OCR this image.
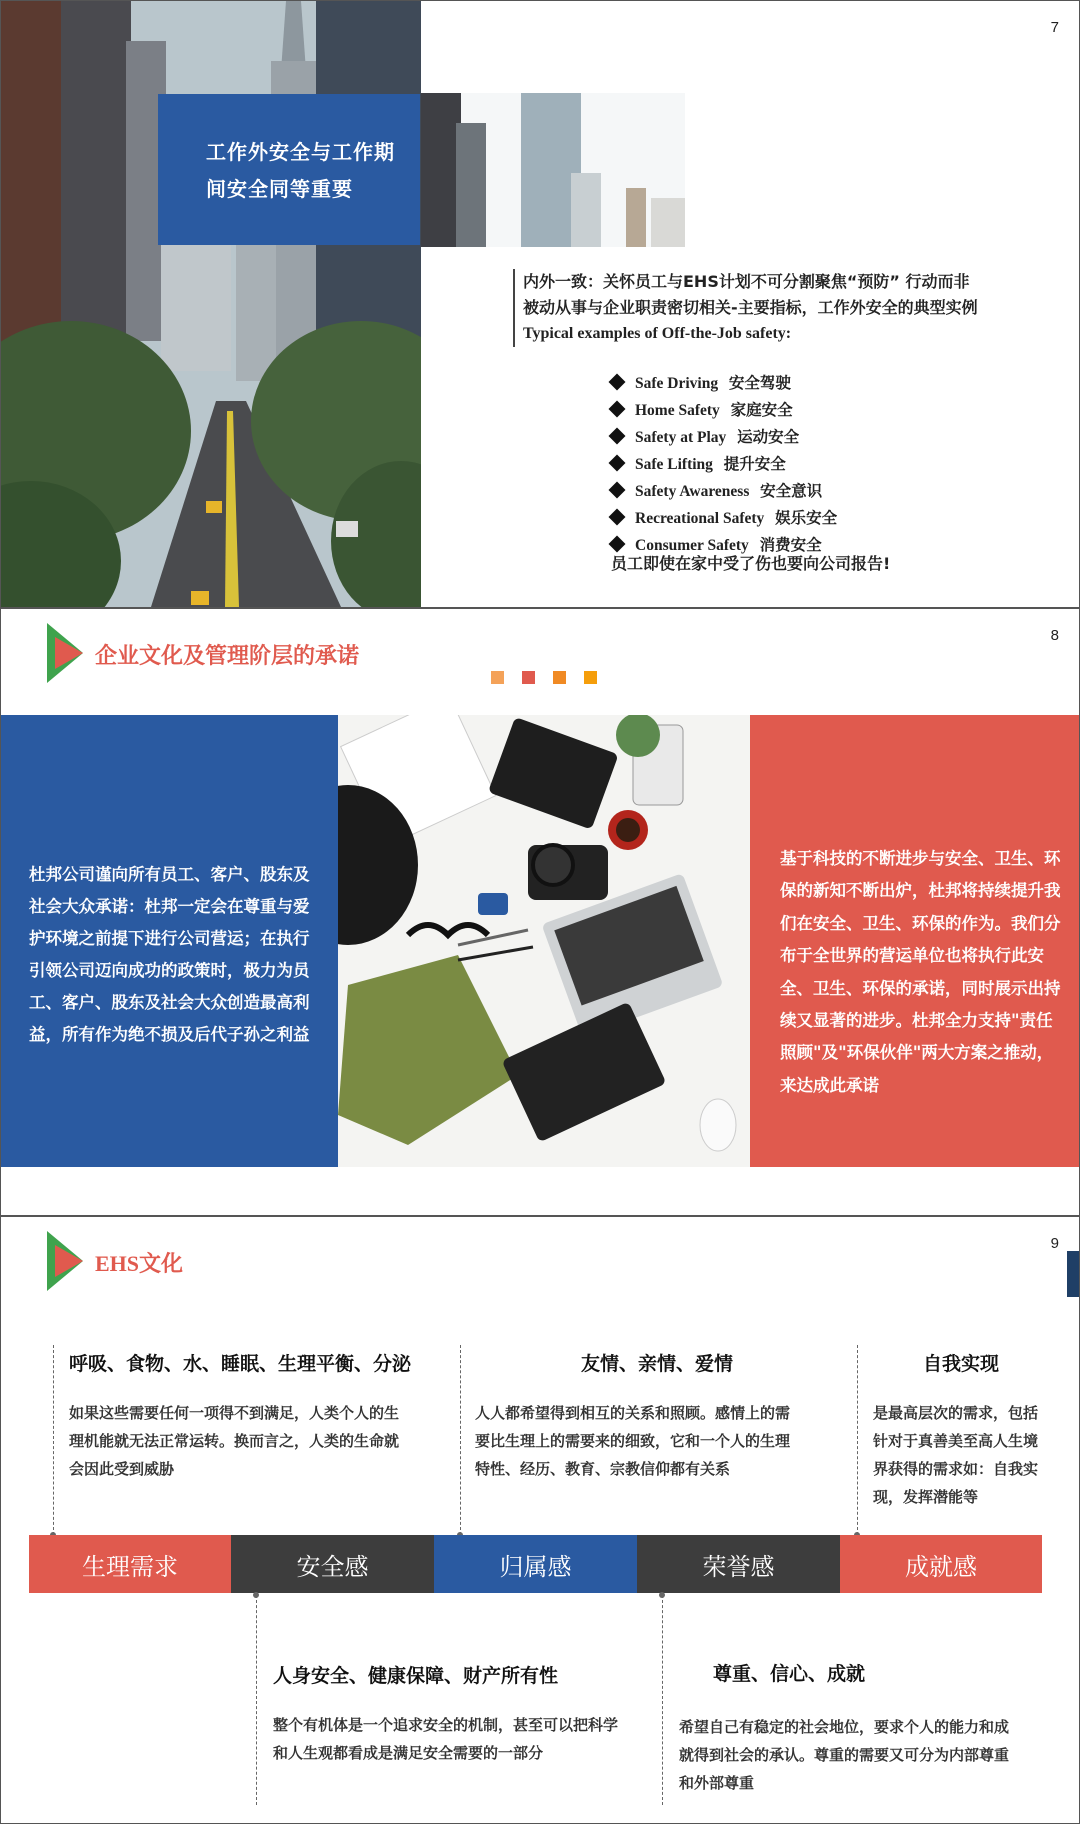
工作外安全与工作期
间安全同等重要
7
内外一致：关怀员工与EHS计划不可分割聚焦“预防” 行动而非
被动从事与企业职责密切相关-主要指标，工作外安全的典型实例
Typical examples of Off-the-Job safety:
Safe Driving 安全驾驶
Home Safety 家庭安全
Safety at Play 运动安全
Safe Lifting 提升安全
Safety Awareness 安全意识
Recreational Safety 娱乐安全
Consumer Safety 消费安全
员工即使在家中受了伤也要向公司报告!
企业文化及管理阶层的承诺
8
杜邦公司谨向所有员工、客户、股东及社会大众承诺：杜邦一定会在尊重与爱护环境之前提下进行公司营运；在执行引领公司迈向成功的政策时，极力为员工、客户、股东及社会大众创造最高利益，所有作为绝不损及后代子孙之利益
基于科技的不断进步与安全、卫生、环保的新知不断出炉，杜邦将持续提升我们在安全、卫生、环保的作为。我们分布于全世界的营运单位也将执行此安全、卫生、环保的承诺，同时展示出持续又显著的进步。杜邦全力支持"责任照顾"及"环保伙伴"两大方案之推动，来达成此承诺
EHS文化
9
呼吸、食物、水、睡眠、生理平衡、分泌
如果这些需要任何一项得不到满足，人类个人的生
理机能就无法正常运转。换而言之，人类的生命就
会因此受到威胁
友情、亲情、爱情
人人都希望得到相互的关系和照顾。感情上的需
要比生理上的需要来的细致，它和一个人的生理
特性、经历、教育、宗教信仰都有关系
自我实现
是最高层次的需求，包括
针对于真善美至高人生境
界获得的需求如：自我实
现，发挥潜能等
生理需求	安全感	归属感	荣誉感	成就感
人身安全、健康保障、财产所有性
整个有机体是一个追求安全的机制，甚至可以把科学
和人生观都看成是满足安全需要的一部分
尊重、信心、成就
希望自己有稳定的社会地位，要求个人的能力和成
就得到社会的承认。尊重的需要又可分为内部尊重
和外部尊重
